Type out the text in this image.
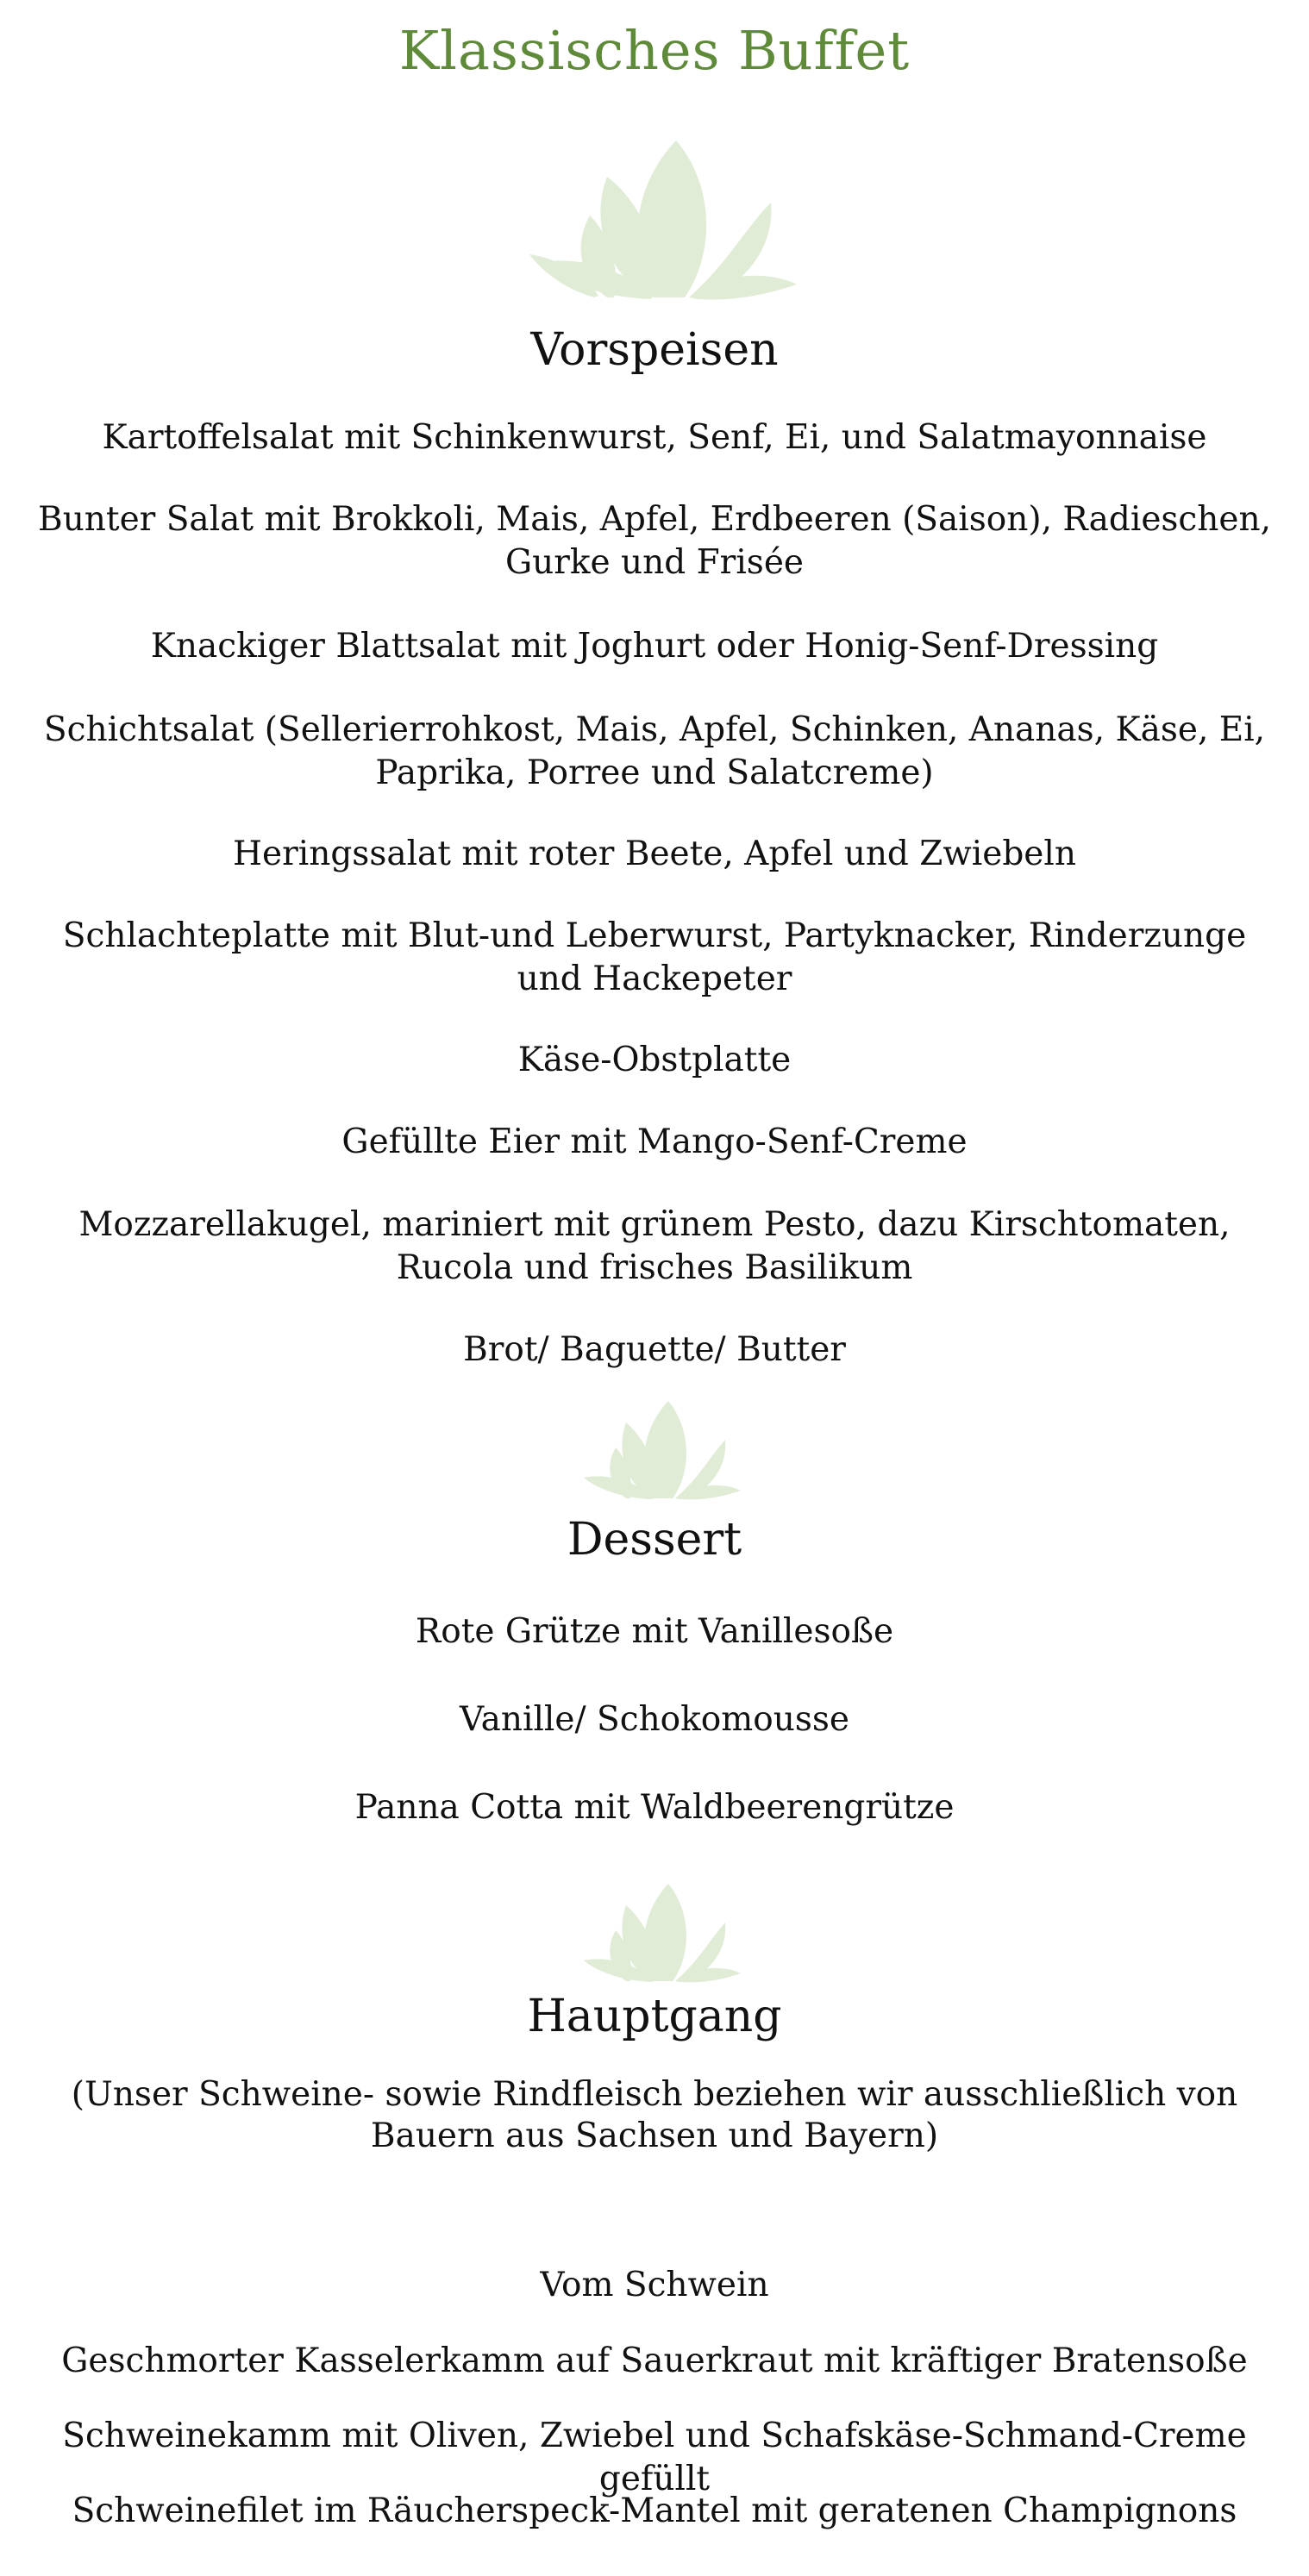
Klassisches Buffet
Vorspeisen
Kartoffelsalat mit Schinkenwurst, Senf, Ei, und Salatmayonnaise
Bunter Salat mit Brokkoli, Mais, Apfel, Erdbeeren (Saison), Radieschen, Gurke und Frisée
Knackiger Blattsalat mit Joghurt oder Honig-Senf-Dressing
Schichtsalat (Sellerierrohkost, Mais, Apfel, Schinken, Ananas, Käse, Ei, Paprika, Porree und Salatcreme)
Heringssalat mit roter Beete, Apfel und Zwiebeln
Schlachteplatte mit Blut-und Leberwurst, Partyknacker, Rinderzunge und Hackepeter
Käse-Obstplatte
Gefüllte Eier mit Mango-Senf-Creme
Mozzarellakugel, mariniert mit grünem Pesto, dazu Kirschtomaten, Rucola und frisches Basilikum
Brot/ Baguette/ Butter
Dessert
Rote Grütze mit Vanillesoße
Vanille/ Schokomousse
Panna Cotta mit Waldbeerengrütze
Hauptgang
(Unser Schweine- sowie Rindfleisch beziehen wir ausschließlich von Bauern aus Sachsen und Bayern)
Vom Schwein
Geschmorter Kasselerkamm auf Sauerkraut mit kräftiger Bratensoße
Schweinekamm mit Oliven, Zwiebel und Schafskäse-Schmand-Creme gefüllt
Schweinefilet im Räucherspeck-Mantel mit geratenen Champignons
